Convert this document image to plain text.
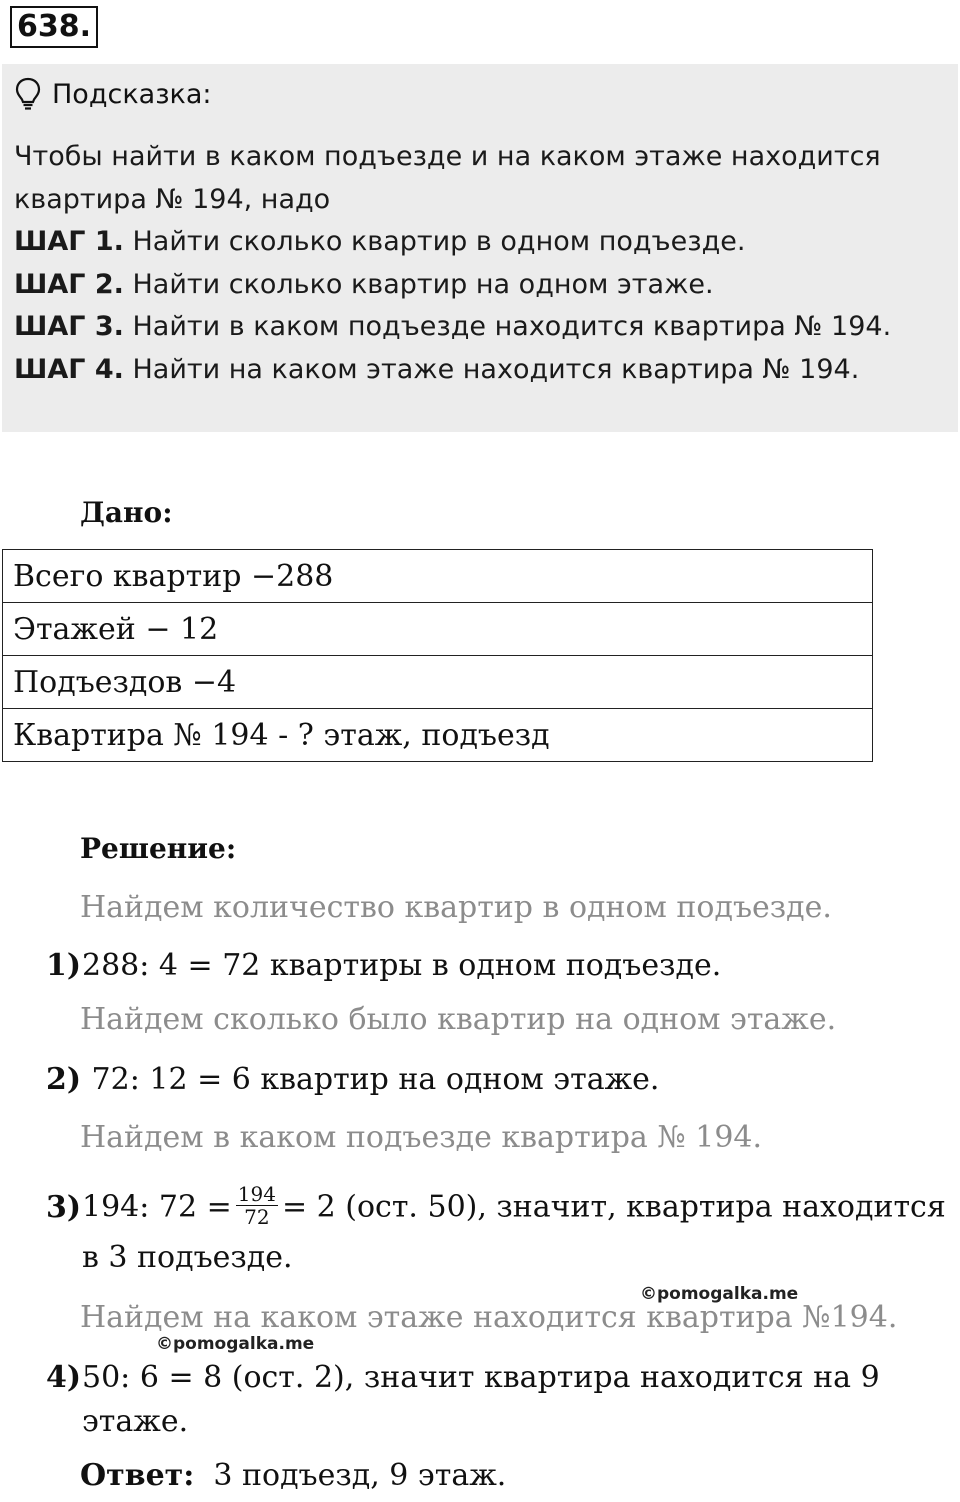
638.
Подсказка:
Чтобы найти в каком подъезде и на каком этаже находится
квартира № 194, надо
ШАГ 1. Найти сколько квартир в одном подъезде.
ШАГ 2. Найти сколько квартир на одном этаже.
ШАГ 3. Найти в каком подъезде находится квартира № 194.
ШАГ 4. Найти на каком этаже находится квартира № 194.
Дано:
Всего квартир −288
Этажей − 12
Подъездов −4
Квартира № 194 - ? этаж, подъезд
Решение:
Найдем количество квартир в одном подъезде.
1)288: 4 = 72 квартиры в одном подъезде.
Найдем сколько было квартир на одном этаже.
2) 72: 12 = 6 квартир на одном этаже.
Найдем в каком подъезде квартира № 194.
3)194: $72 = \frac{194}{72} = 2$ (ост. 50), значит, квартира находится
в 3 подъезде.
©pomogalka.me
Найдем на каком этаже находится квартира №194.
©pomogalka.me
4)50: 6 = 8 (ост. 2), значит квартира находится на 9
этаже.
Ответ:  3 подъезд, 9 этаж.
